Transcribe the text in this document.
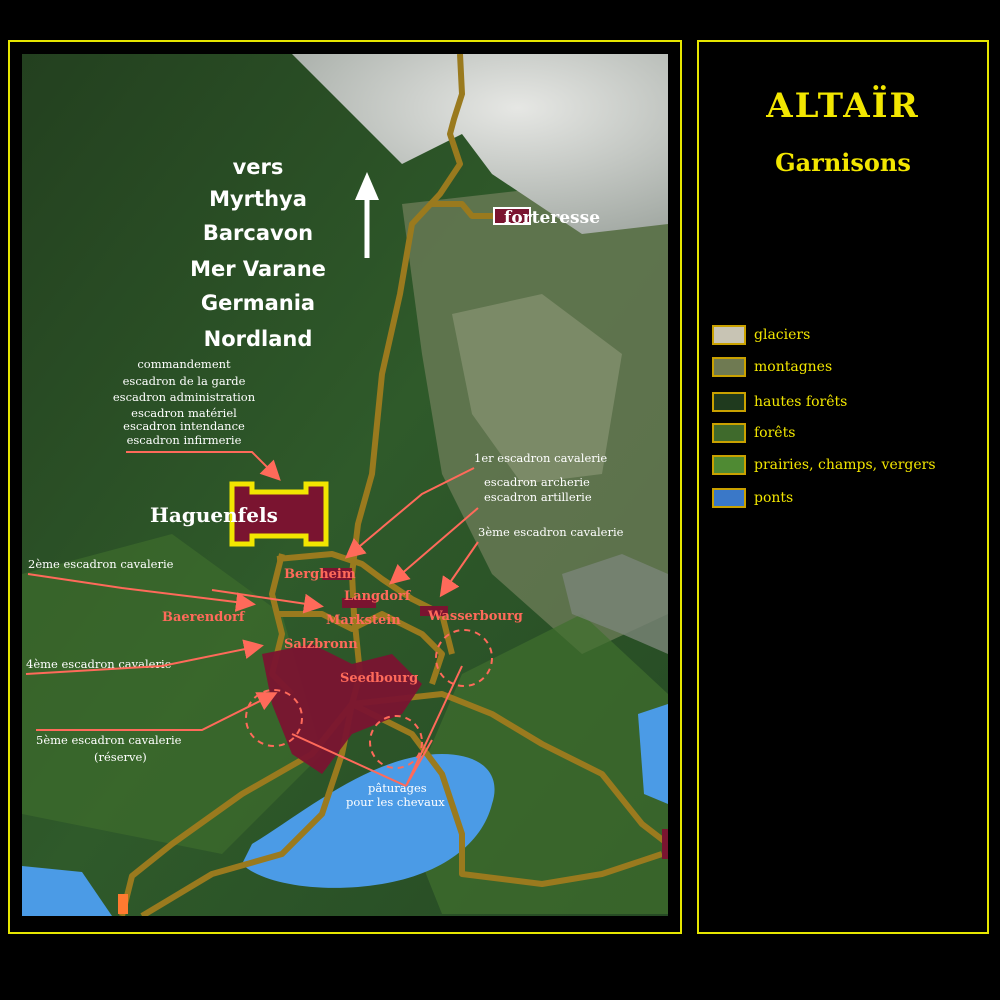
forteresse
vers
Myrthya
Barcavon
Mer Varane
Germania
Nordland
commandement
escadron de la garde
escadron administration
escadron matériel
escadron intendance
escadron infirmerie
Haguenfels
Bergheim
Langdorf
Baerendorf	Markstein Wasserbourg
Salzbronn
Seedbourg
1er escadron cavalerie
escadron archerie
escadron artillerie
3ème escadron cavalerie
2ème escadron cavalerie
4ème escadron cavalerie
5ème escadron cavalerie
(réserve)
pâturages
pour les chevaux
ALTAÏR
Garnisons
glaciers
montagnes
hautes forêts
forêts
prairies, champs, vergers
ponts
